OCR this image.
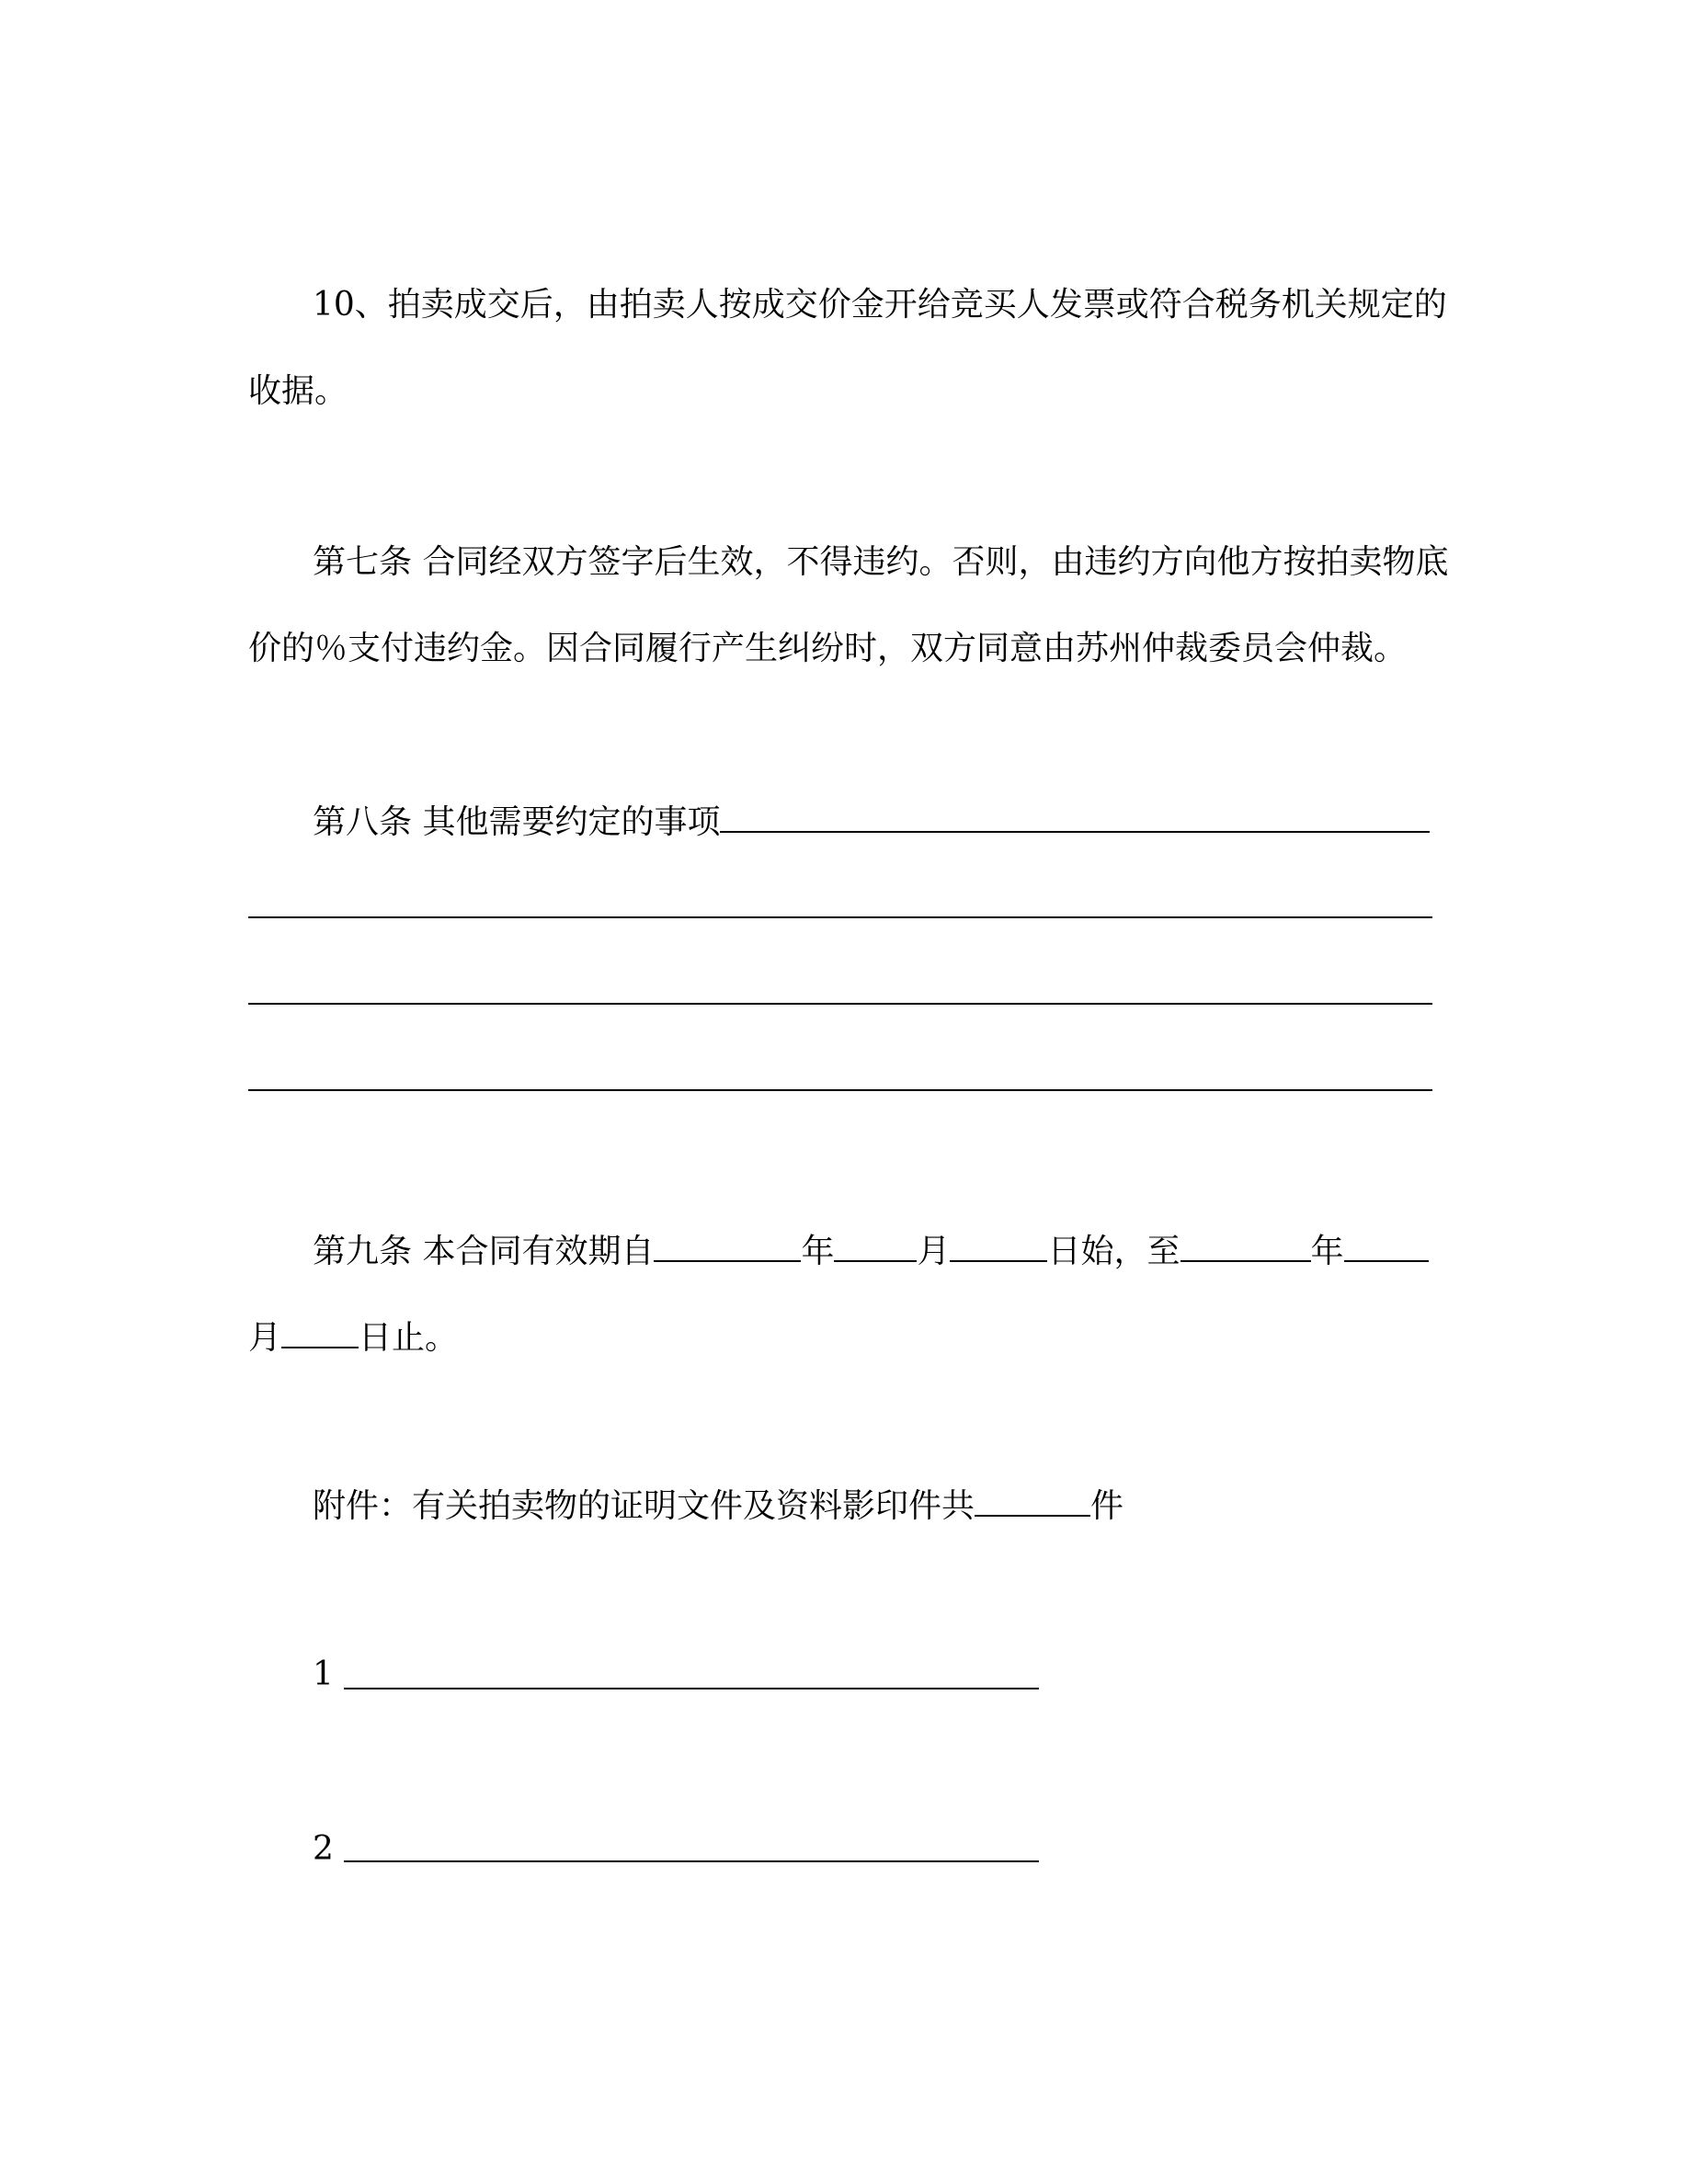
10、拍卖成交后，由拍卖人按成交价金开给竞买人发票或符合税务机关规定的
收据。
第七条 合同经双方签字后生效，不得违约。否则，由违约方向他方按拍卖物底
价的％支付违约金。因合同履行产生纠纷时，双方同意由苏州仲裁委员会仲裁。
第八条 其他需要约定的事项
第九条 本合同有效期自	年	月	日始，至	年
月 日止。
附件：有关拍卖物的证明文件及资料影印件共	件
1
2
